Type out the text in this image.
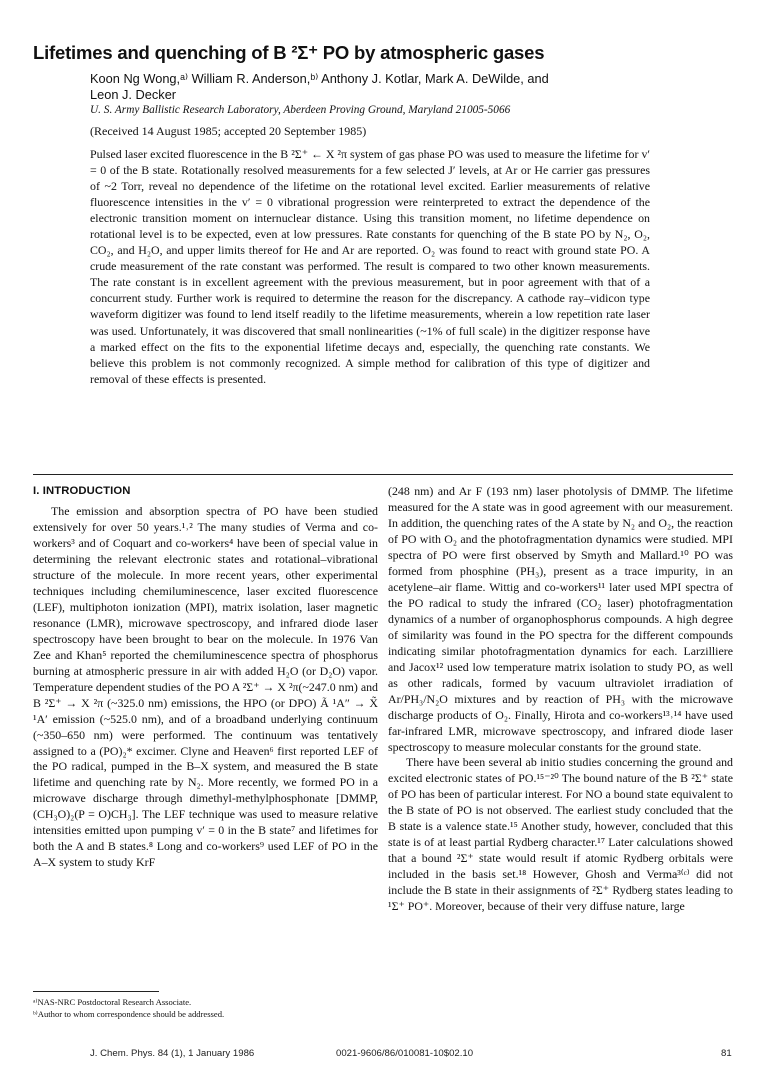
Lifetimes and quenching of B ²Σ⁺ PO by atmospheric gases
Koon Ng Wong,ᵃ⁾ William R. Anderson,ᵇ⁾ Anthony J. Kotlar, Mark A. DeWilde, and Leon J. Decker
U. S. Army Ballistic Research Laboratory, Aberdeen Proving Ground, Maryland 21005-5066
(Received 14 August 1985; accepted 20 September 1985)
Pulsed laser excited fluorescence in the B ²Σ⁺ ← X ²π system of gas phase PO was used to measure the lifetime for v′ = 0 of the B state. Rotationally resolved measurements for a few selected J′ levels, at Ar or He carrier gas pressures of ~2 Torr, reveal no dependence of the lifetime on the rotational level excited. Earlier measurements of relative fluorescence intensities in the v′ = 0 vibrational progression were reinterpreted to extract the dependence of the electronic transition moment on internuclear distance. Using this transition moment, no lifetime dependence on rotational level is to be expected, even at low pressures. Rate constants for quenching of the B state PO by N₂, O₂, CO₂, and H₂O, and upper limits thereof for He and Ar are reported. O₂ was found to react with ground state PO. A crude measurement of the rate constant was performed. The result is compared to two other known measurements. The rate constant is in excellent agreement with the previous measurement, but in poor agreement with that of a concurrent study. Further work is required to determine the reason for the discrepancy. A cathode ray–vidicon type waveform digitizer was found to lend itself readily to the lifetime measurements, wherein a low repetition rate laser was used. Unfortunately, it was discovered that small nonlinearities (~1% of full scale) in the digitizer response have a marked effect on the fits to the exponential lifetime decays and, especially, the quenching rate constants. We believe this problem is not commonly recognized. A simple method for calibration of this type of digitizer and removal of these effects is presented.
I. INTRODUCTION

The emission and absorption spectra of PO have been studied extensively for over 50 years.¹˒² The many studies of Verma and co-workers³ and of Coquart and co-workers⁴ have been of special value in determining the relevant electronic states and rotational–vibrational structure of the molecule. In more recent years, other experimental techniques including chemiluminescence, laser excited fluorescence (LEF), multiphoton ionization (MPI), matrix isolation, laser magnetic resonance (LMR), microwave spectroscopy, and infrared diode laser spectroscopy have been brought to bear on the molecule. In 1976 Van Zee and Khan⁵ reported the chemiluminescence spectra of phosphorus burning at atmospheric pressure in air with added H₂O (or D₂O) vapor. Temperature dependent studies of the PO A ²Σ⁺ → X ²π(~247.0 nm) and B ²Σ⁺ → X ²π (~325.0 nm) emissions, the HPO (or DPO) Ã ¹A″ → X̃ ¹A′ emission (~525.0 nm), and of a broadband underlying continuum (~350–650 nm) were performed. The continuum was tentatively assigned to a (PO)₂* excimer. Clyne and Heaven⁶ first reported LEF of the PO radical, pumped in the B–X system, and measured the B state lifetime and quenching rate by N₂. More recently, we formed PO in a microwave discharge through dimethyl-methylphosphonate [DMMP, (CH₃O)₂(P = O)CH₃]. The LEF technique was used to measure relative intensities emitted upon pumping v′ = 0 in the B state⁷ and lifetimes for both the A and B states.⁸ Long and co-workers⁹ used LEF of PO in the A–X system to study KrF

(248 nm) and Ar F (193 nm) laser photolysis of DMMP. The lifetime measured for the A state was in good agreement with our measurement. In addition, the quenching rates of the A state by N₂ and O₂, the reaction of PO with O₂ and the photofragmentation dynamics were studied. MPI spectra of PO were first observed by Smyth and Mallard.¹⁰ PO was formed from phosphine (PH₃), present as a trace impurity, in an acetylene–air flame. Wittig and co-workers¹¹ later used MPI spectra of the PO radical to study the infrared (CO₂ laser) photofragmentation dynamics of a number of organophosphorus compounds. A high degree of similarity was found in the PO spectra for the different compounds indicating similar photofragmentation dynamics for each. Larzilliere and Jacox¹² used low temperature matrix isolation to study PO, as well as other radicals, formed by vacuum ultraviolet irradiation of Ar/PH₃/N₂O mixtures and by reaction of PH₃ with the microwave discharge products of O₂. Finally, Hirota and co-workers¹³˒¹⁴ have used far-infrared LMR, microwave spectroscopy, and infrared diode laser spectroscopy to measure molecular constants for the ground state.

There have been several ab initio studies concerning the ground and excited electronic states of PO.¹⁵⁻²⁰ The bound nature of the B ²Σ⁺ state of PO has been of particular interest. For NO a bound state equivalent to the B state of PO is not observed. The earliest study concluded that the B state is a valence state.¹⁵ Another study, however, concluded that this state is of at least partial Rydberg character.¹⁷ Later calculations showed that a bound ²Σ⁺ state would result if atomic Rydberg orbitals were included in the basis set.¹⁸ However, Ghosh and Verma³⁽ᶜ⁾ did not include the B state in their assignments of ²Σ⁺ Rydberg states leading to ¹Σ⁺ PO⁺. Moreover, because of their very diffuse nature, large

ᵃ⁾NAS-NRC Postdoctoral Research Associate.
ᵇ⁾Author to whom correspondence should be addressed.
J. Chem. Phys. 84 (1), 1 January 1986	0021-9606/86/010081-10$02.10	81
